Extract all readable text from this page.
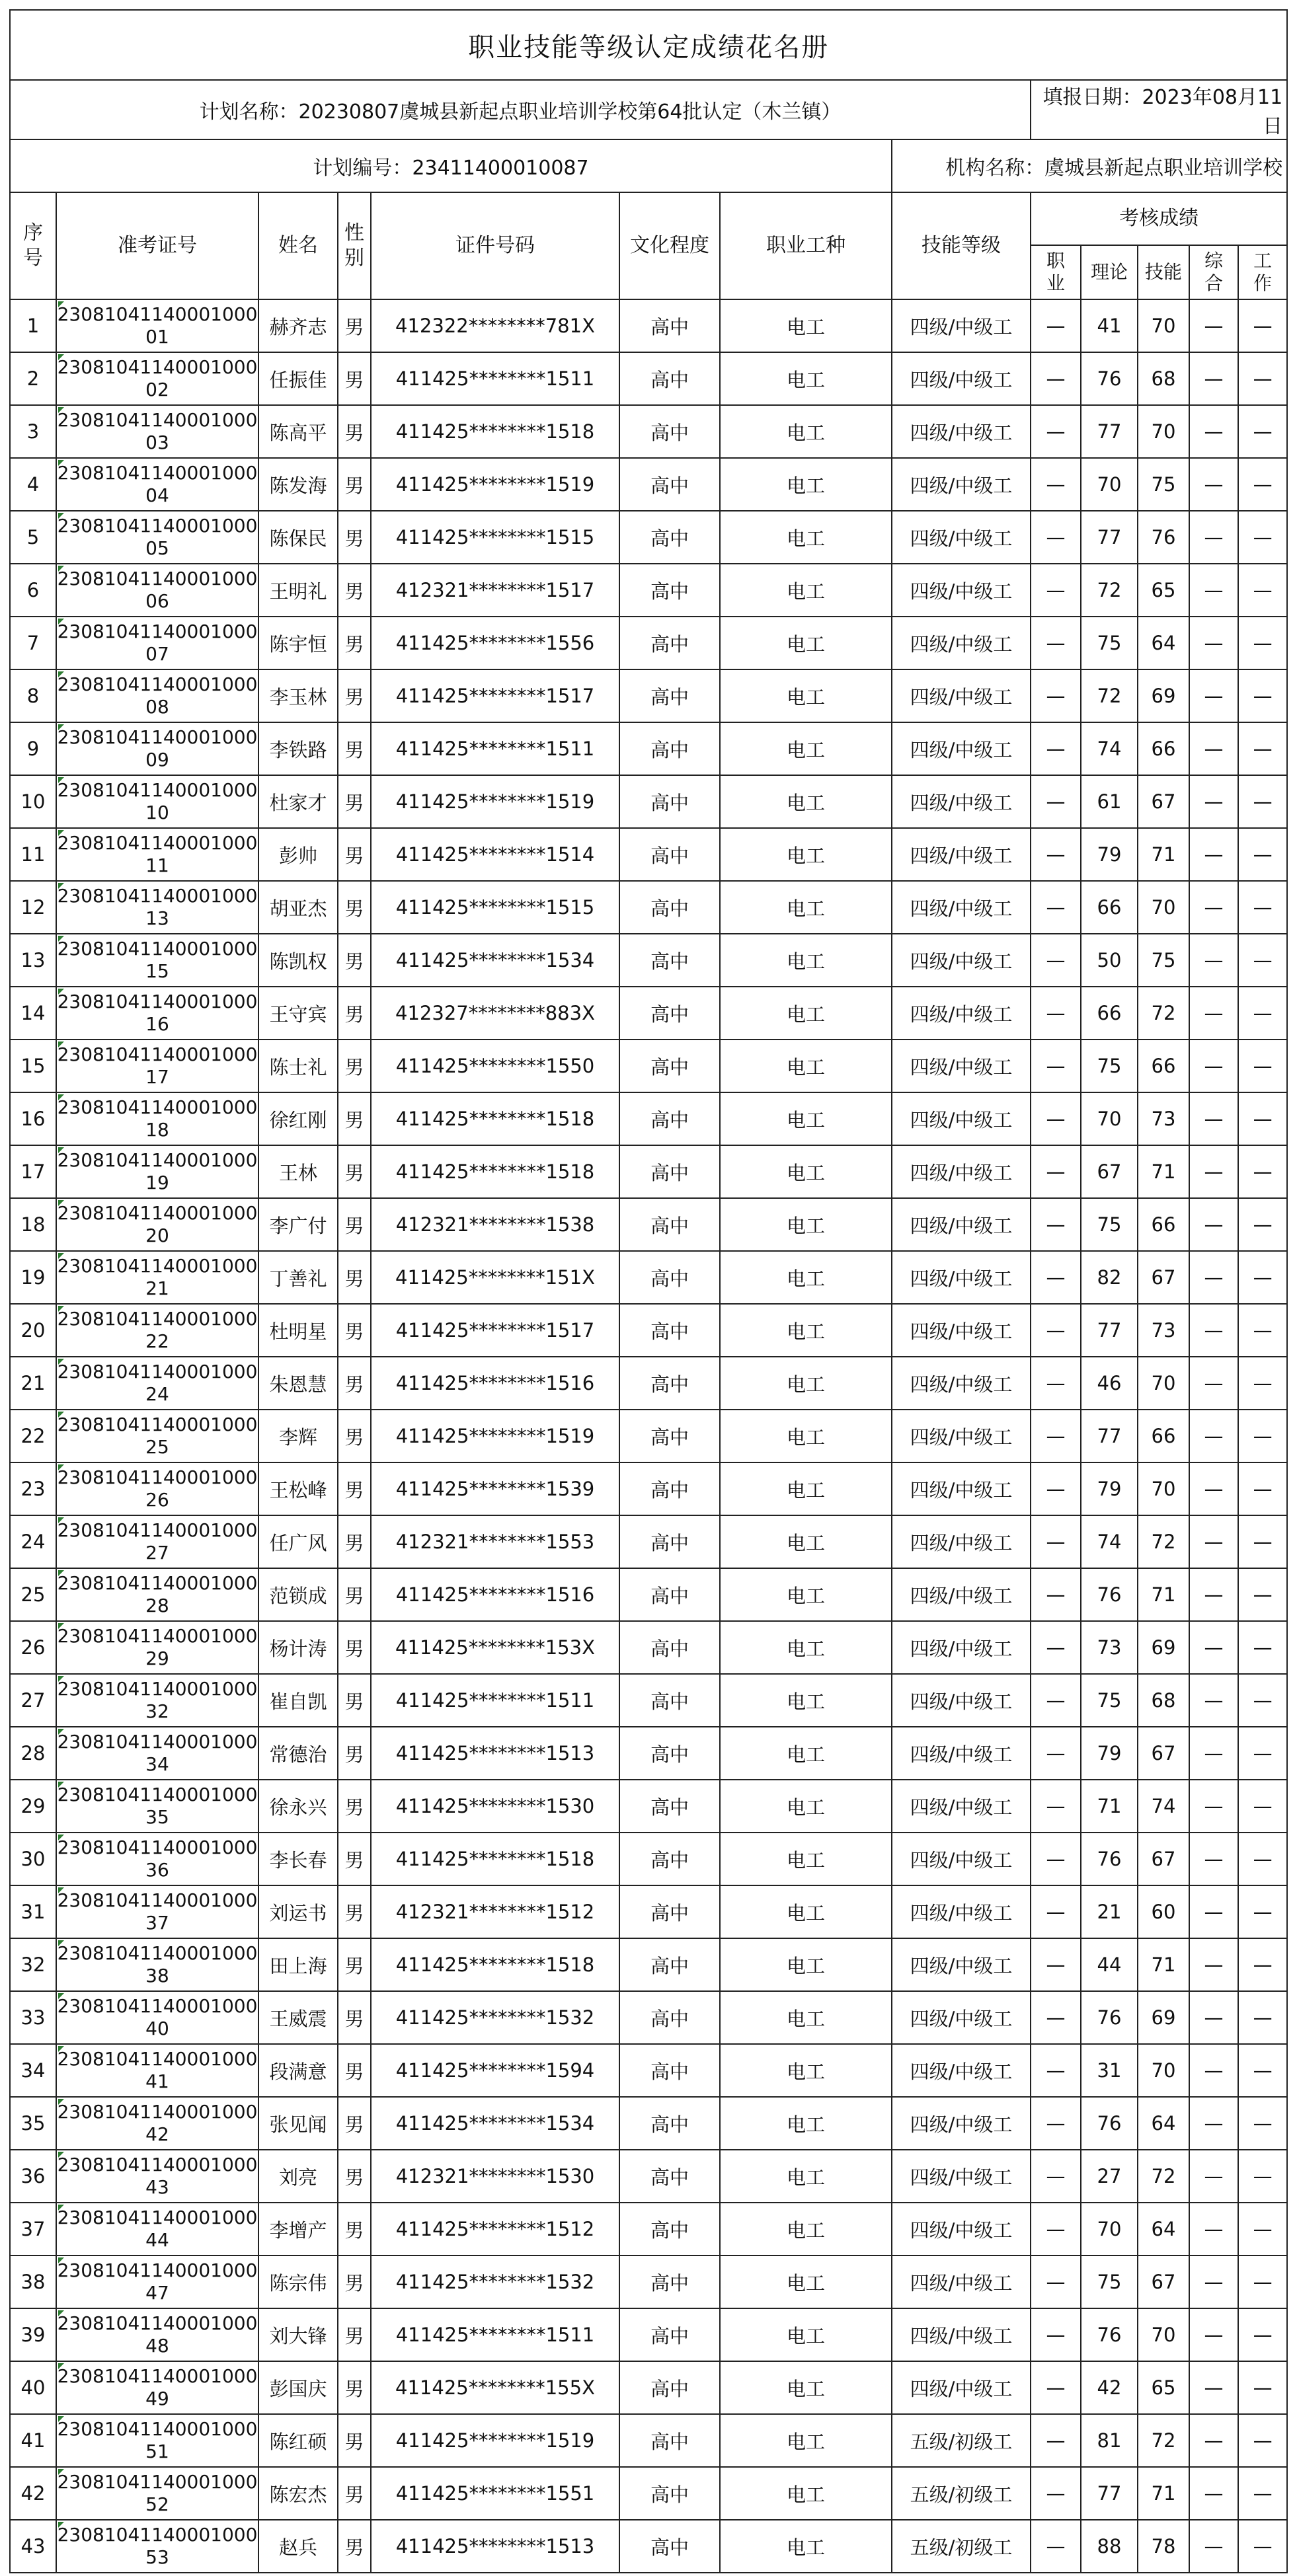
职业技能等级认定成绩花名册												
计划名称：20230807虞城县新起点职业培训学校第64批认定（木兰镇）								填报日期：2023年08月11日				
计划编号：23411400010087							机构名称：虞城县新起点职业培训学校					
序号	准考证号	姓名	性别	证件号码	文化程度	职业工种	技能等级	考核成绩				
								职业	理论	技能	综合	工作
1	2308104114000100001	赫齐志	男	412322********781X	高中	电工	四级/中级工	—	41	70	—	—
2	2308104114000100002	任振佳	男	411425********1511	高中	电工	四级/中级工	—	76	68	—	—
3	2308104114000100003	陈高平	男	411425********1518	高中	电工	四级/中级工	—	77	70	—	—
4	2308104114000100004	陈发海	男	411425********1519	高中	电工	四级/中级工	—	70	75	—	—
5	2308104114000100005	陈保民	男	411425********1515	高中	电工	四级/中级工	—	77	76	—	—
6	2308104114000100006	王明礼	男	412321********1517	高中	电工	四级/中级工	—	72	65	—	—
7	2308104114000100007	陈宇恒	男	411425********1556	高中	电工	四级/中级工	—	75	64	—	—
8	2308104114000100008	李玉林	男	411425********1517	高中	电工	四级/中级工	—	72	69	—	—
9	2308104114000100009	李铁路	男	411425********1511	高中	电工	四级/中级工	—	74	66	—	—
10	2308104114000100010	杜家才	男	411425********1519	高中	电工	四级/中级工	—	61	67	—	—
11	2308104114000100011	彭帅	男	411425********1514	高中	电工	四级/中级工	—	79	71	—	—
12	2308104114000100013	胡亚杰	男	411425********1515	高中	电工	四级/中级工	—	66	70	—	—
13	2308104114000100015	陈凯权	男	411425********1534	高中	电工	四级/中级工	—	50	75	—	—
14	2308104114000100016	王守宾	男	412327********883X	高中	电工	四级/中级工	—	66	72	—	—
15	2308104114000100017	陈士礼	男	411425********1550	高中	电工	四级/中级工	—	75	66	—	—
16	2308104114000100018	徐红刚	男	411425********1518	高中	电工	四级/中级工	—	70	73	—	—
17	2308104114000100019	王林	男	411425********1518	高中	电工	四级/中级工	—	67	71	—	—
18	2308104114000100020	李广付	男	412321********1538	高中	电工	四级/中级工	—	75	66	—	—
19	2308104114000100021	丁善礼	男	411425********151X	高中	电工	四级/中级工	—	82	67	—	—
20	2308104114000100022	杜明星	男	411425********1517	高中	电工	四级/中级工	—	77	73	—	—
21	2308104114000100024	朱恩慧	男	411425********1516	高中	电工	四级/中级工	—	46	70	—	—
22	2308104114000100025	李辉	男	411425********1519	高中	电工	四级/中级工	—	77	66	—	—
23	2308104114000100026	王松峰	男	411425********1539	高中	电工	四级/中级工	—	79	70	—	—
24	2308104114000100027	任广风	男	412321********1553	高中	电工	四级/中级工	—	74	72	—	—
25	2308104114000100028	范锁成	男	411425********1516	高中	电工	四级/中级工	—	76	71	—	—
26	2308104114000100029	杨计涛	男	411425********153X	高中	电工	四级/中级工	—	73	69	—	—
27	2308104114000100032	崔自凯	男	411425********1511	高中	电工	四级/中级工	—	75	68	—	—
28	2308104114000100034	常德治	男	411425********1513	高中	电工	四级/中级工	—	79	67	—	—
29	2308104114000100035	徐永兴	男	411425********1530	高中	电工	四级/中级工	—	71	74	—	—
30	2308104114000100036	李长春	男	411425********1518	高中	电工	四级/中级工	—	76	67	—	—
31	2308104114000100037	刘运书	男	412321********1512	高中	电工	四级/中级工	—	21	60	—	—
32	2308104114000100038	田上海	男	411425********1518	高中	电工	四级/中级工	—	44	71	—	—
33	2308104114000100040	王威震	男	411425********1532	高中	电工	四级/中级工	—	76	69	—	—
34	2308104114000100041	段满意	男	411425********1594	高中	电工	四级/中级工	—	31	70	—	—
35	2308104114000100042	张见闻	男	411425********1534	高中	电工	四级/中级工	—	76	64	—	—
36	2308104114000100043	刘亮	男	412321********1530	高中	电工	四级/中级工	—	27	72	—	—
37	2308104114000100044	李增产	男	411425********1512	高中	电工	四级/中级工	—	70	64	—	—
38	2308104114000100047	陈宗伟	男	411425********1532	高中	电工	四级/中级工	—	75	67	—	—
39	2308104114000100048	刘大锋	男	411425********1511	高中	电工	四级/中级工	—	76	70	—	—
40	2308104114000100049	彭国庆	男	411425********155X	高中	电工	四级/中级工	—	42	65	—	—
41	2308104114000100051	陈红硕	男	411425********1519	高中	电工	五级/初级工	—	81	72	—	—
42	2308104114000100052	陈宏杰	男	411425********1551	高中	电工	五级/初级工	—	77	71	—	—
43	2308104114000100053	赵兵	男	411425********1513	高中	电工	五级/初级工	—	88	78	—	—
